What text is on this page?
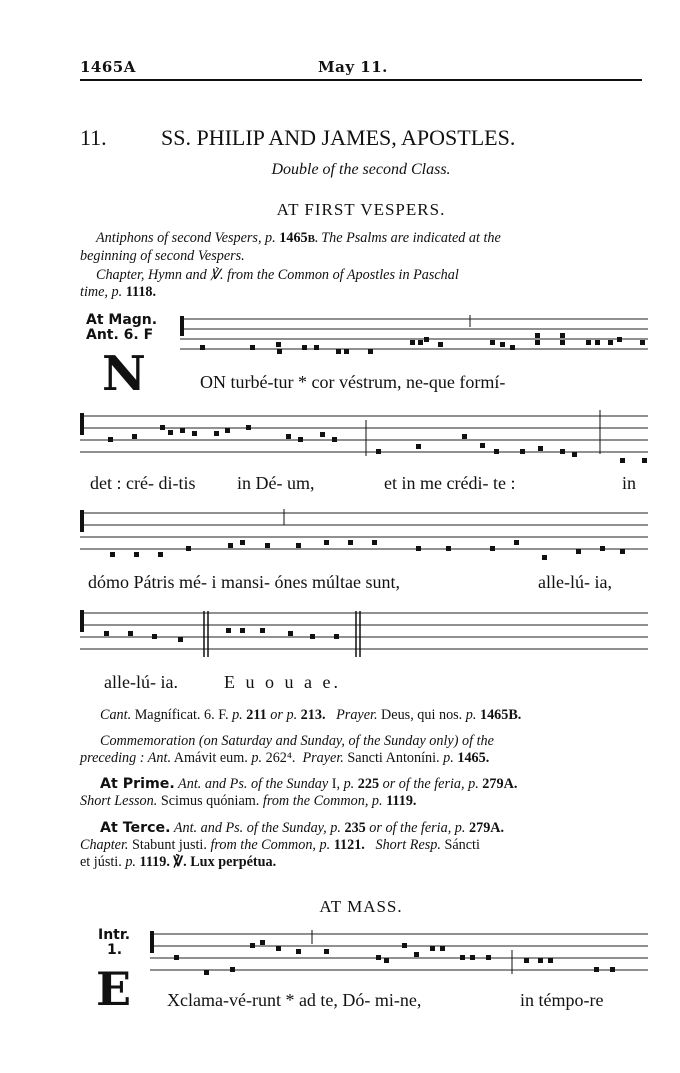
1465A	May 11.
11. SS. PHILIP AND JAMES, APOSTLES.
Double of the second Class.
AT FIRST VESPERS.
Antiphons of second Vespers, p. 1465B. The Psalms are indicated at the
beginning of second Vespers.
Chapter, Hymn and ℣. from the Common of Apostles in Paschal
time, p. 1118.
At Magn.
Ant. 6. F
N	ON turbé-tur * cor véstrum, ne-que formí-
det : cré- di-tis in Dé- um,	et in me crédi- te :	in
dómo Pátris mé- i mansi- ónes múltae sunt,	alle-lú- ia,
alle-lú- ia.	E u o u a e.
Cant. Magníficat. 6. F. p. 211 or p. 213. Prayer. Deus, qui nos. p. 1465B.
Commemoration (on Saturday and Sunday, of the Sunday only) of the
preceding : Ant. Amávit eum. p. 262⁴. Prayer. Sancti Antoníni. p. 1465.
At Prime. Ant. and Ps. of the Sunday I, p. 225 or of the feria, p. 279A.
Short Lesson. Scimus quóniam. from the Common, p. 1119.
At Terce. Ant. and Ps. of the Sunday, p. 235 or of the feria, p. 279A.
Chapter. Stabunt justi. from the Common, p. 1121. Short Resp. Sáncti
et jústi. p. 1119. ℣. Lux perpétua.
AT MASS.
Intr.
1.
E Xclama-vé-runt * ad te, Dó- mi-ne,	in témpo-re
